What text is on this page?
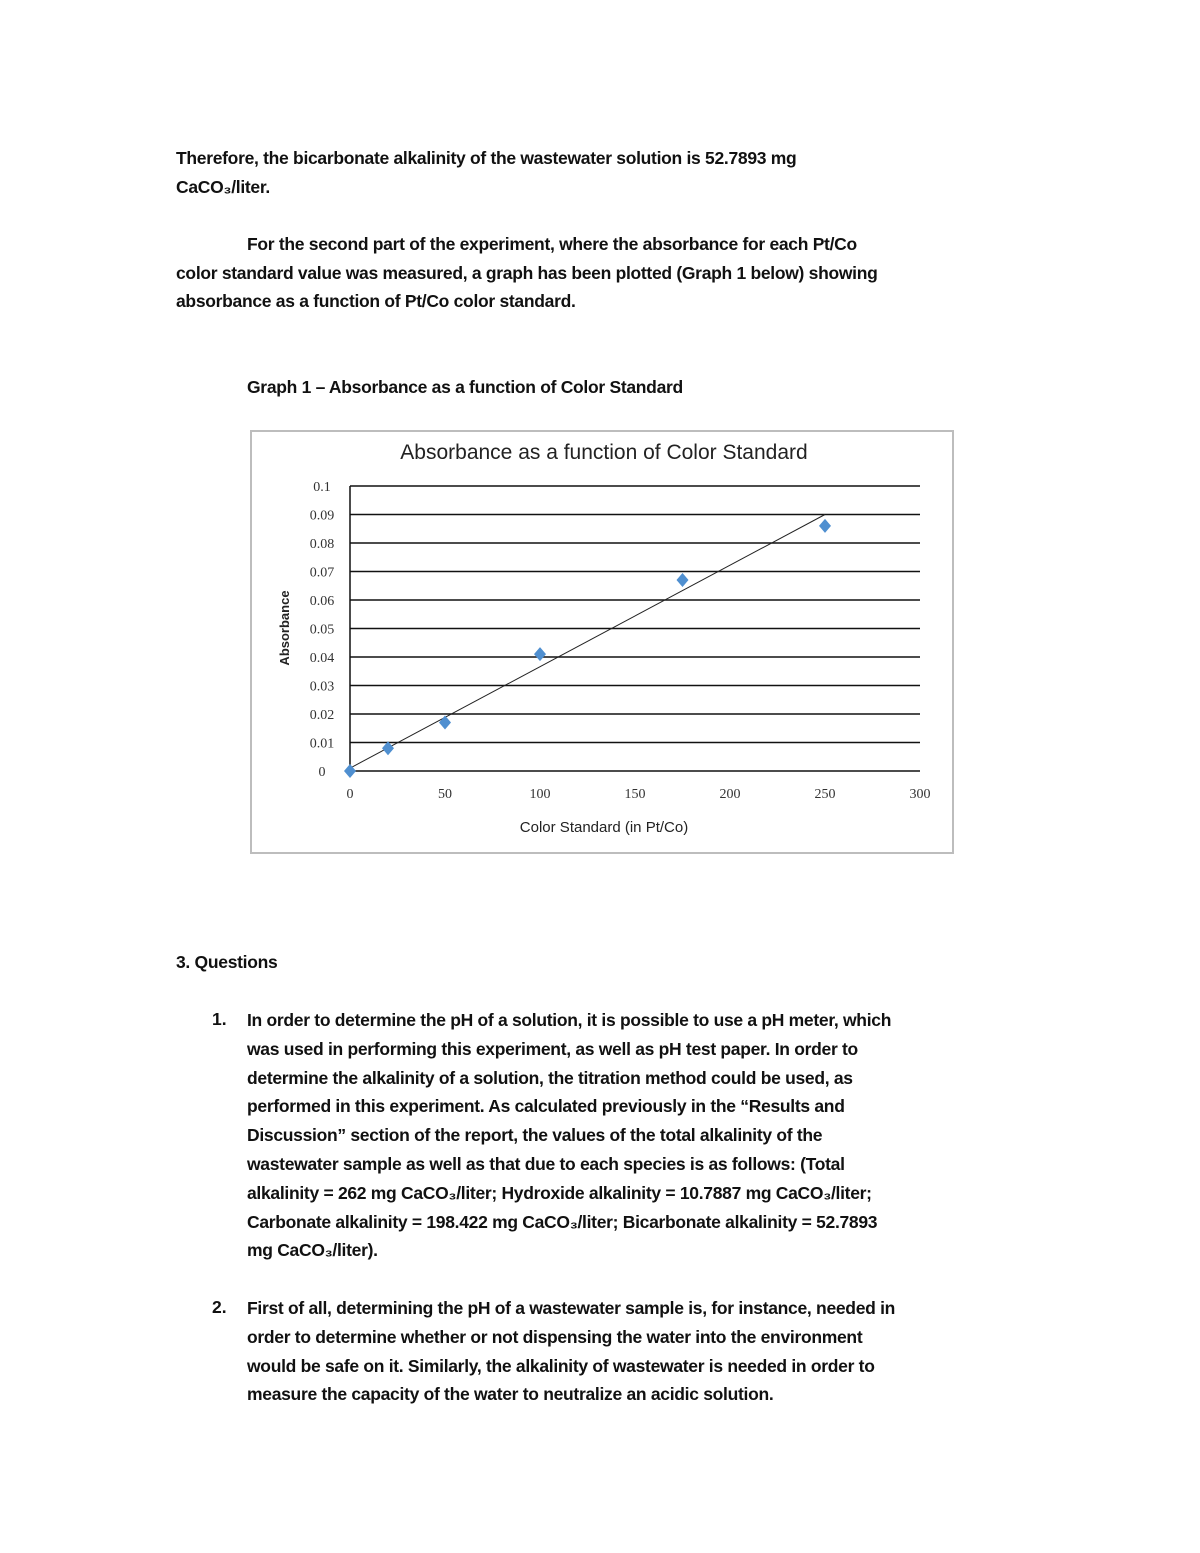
Therefore, the bicarbonate alkalinity of the wastewater solution is 52.7893 mg
CaCO₃/liter.
For the second part of the experiment, where the absorbance for each Pt/Co
color standard value was measured, a graph has been plotted (Graph 1 below) showing
absorbance as a function of Pt/Co color standard.
Graph 1 – Absorbance as a function of Color Standard
Absorbance as a function of Color Standard
Color Standard (in Pt/Co)
Absorbance
0
0.01
0.02
0.03
0.04
0.05
0.06
0.07
0.08
0.09
0.1
0	50	100	150	200	250	300
3. Questions
1. In order to determine the pH of a solution, it is possible to use a pH meter, which
was used in performing this experiment, as well as pH test paper. In order to
determine the alkalinity of a solution, the titration method could be used, as
performed in this experiment. As calculated previously in the “Results and
Discussion” section of the report, the values of the total alkalinity of the
wastewater sample as well as that due to each species is as follows: (Total
alkalinity = 262 mg CaCO₃/liter; Hydroxide alkalinity = 10.7887 mg CaCO₃/liter;
Carbonate alkalinity = 198.422 mg CaCO₃/liter; Bicarbonate alkalinity = 52.7893
mg CaCO₃/liter).
2. First of all, determining the pH of a wastewater sample is, for instance, needed in
order to determine whether or not dispensing the water into the environment
would be safe on it. Similarly, the alkalinity of wastewater is needed in order to
measure the capacity of the water to neutralize an acidic solution.
